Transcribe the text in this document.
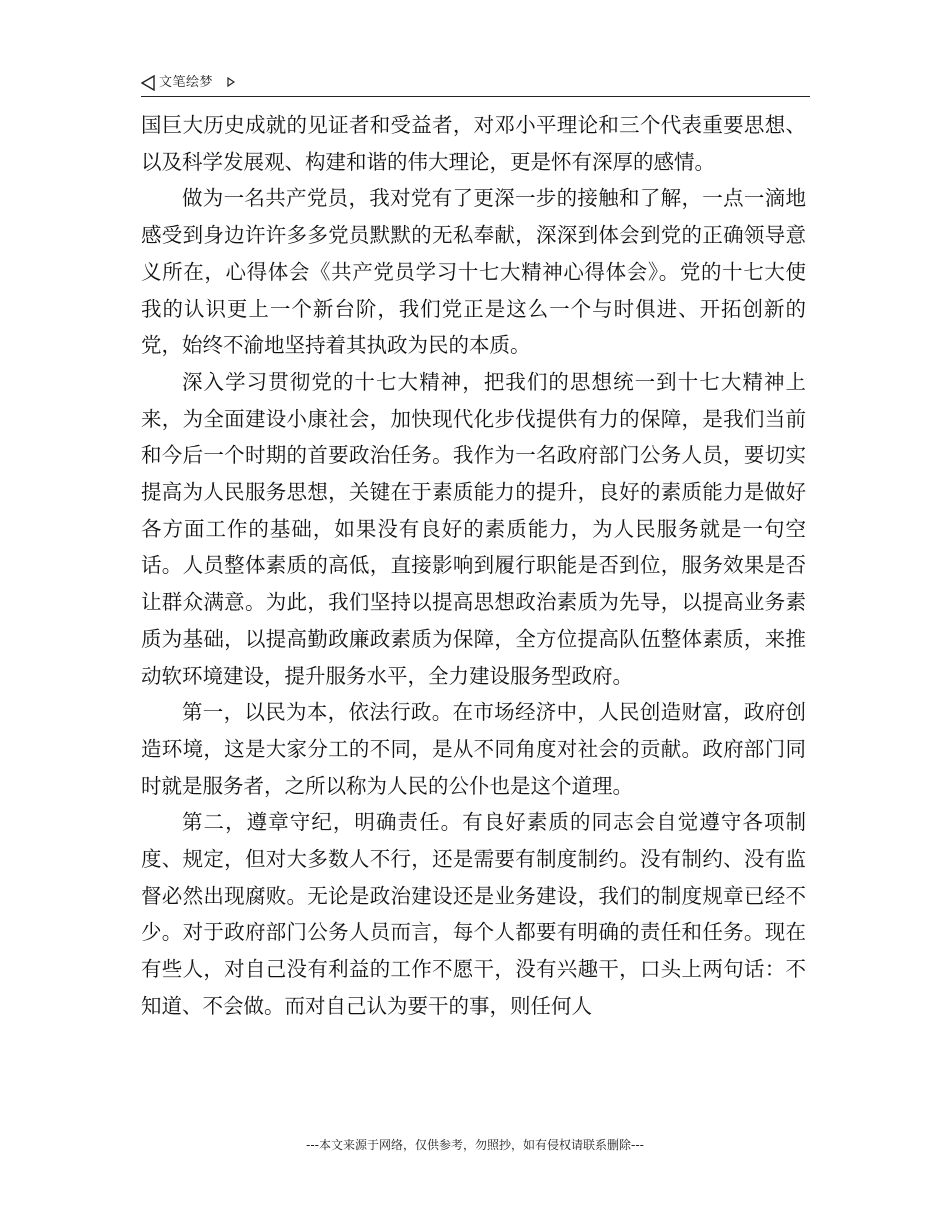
文笔绘梦

国巨大历史成就的见证者和受益者，对邓小平理论和三个代表重要思想、以及科学发展观、构建和谐的伟大理论，更是怀有深厚的感情。

做为一名共产党员，我对党有了更深一步的接触和了解，一点一滴地感受到身边许许多多党员默默的无私奉献，深深到体会到党的正确领导意义所在，心得体会《共产党员学习十七大精神心得体会》。党的十七大使我的认识更上一个新台阶，我们党正是这么一个与时俱进、开拓创新的党，始终不渝地坚持着其执政为民的本质。

深入学习贯彻党的十七大精神，把我们的思想统一到十七大精神上来，为全面建设小康社会，加快现代化步伐提供有力的保障，是我们当前和今后一个时期的首要政治任务。我作为一名政府部门公务人员，要切实提高为人民服务思想，关键在于素质能力的提升，良好的素质能力是做好各方面工作的基础，如果没有良好的素质能力，为人民服务就是一句空话。人员整体素质的高低，直接影响到履行职能是否到位，服务效果是否让群众满意。为此，我们坚持以提高思想政治素质为先导，以提高业务素质为基础，以提高勤政廉政素质为保障，全方位提高队伍整体素质，来推动软环境建设，提升服务水平，全力建设服务型政府。

第一，以民为本，依法行政。在市场经济中，人民创造财富，政府创造环境，这是大家分工的不同，是从不同角度对社会的贡献。政府部门同时就是服务者，之所以称为人民的公仆也是这个道理。

第二，遵章守纪，明确责任。有良好素质的同志会自觉遵守各项制度、规定，但对大多数人不行，还是需要有制度制约。没有制约、没有监督必然出现腐败。无论是政治建设还是业务建设，我们的制度规章已经不少。对于政府部门公务人员而言，每个人都要有明确的责任和任务。现在有些人，对自己没有利益的工作不愿干，没有兴趣干，口头上两句话：不知道、不会做。而对自己认为要干的事，则任何人

---本文来源于网络，仅供参考，勿照抄，如有侵权请联系删除---
